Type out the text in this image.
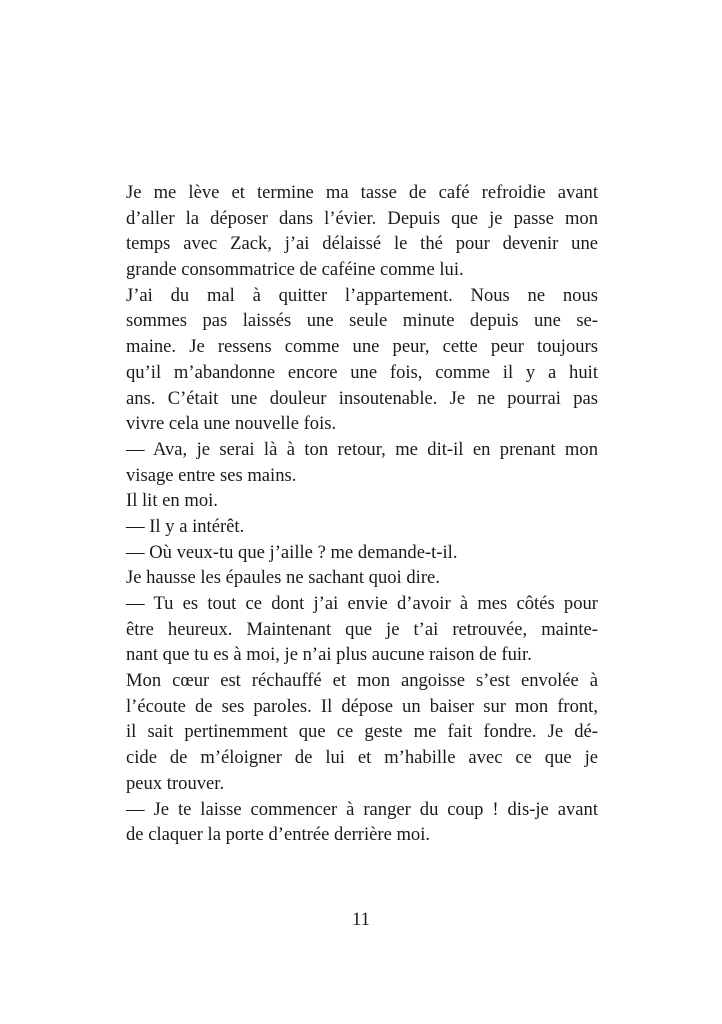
Je me lève et termine ma tasse de café refroidie avant
d’aller la déposer dans l’évier. Depuis que je passe mon
temps avec Zack, j’ai délaissé le thé pour devenir une
grande consommatrice de caféine comme lui.
J’ai du mal à quitter l’appartement. Nous ne nous
sommes pas laissés une seule minute depuis une se-
maine. Je ressens comme une peur, cette peur toujours
qu’il m’abandonne encore une fois, comme il y a huit
ans. C’était une douleur insoutenable. Je ne pourrai pas
vivre cela une nouvelle fois.
— Ava, je serai là à ton retour, me dit-il en prenant mon
visage entre ses mains.
Il lit en moi.
— Il y a intérêt.
— Où veux-tu que j’aille ? me demande-t-il.
Je hausse les épaules ne sachant quoi dire.
— Tu es tout ce dont j’ai envie d’avoir à mes côtés pour
être heureux. Maintenant que je t’ai retrouvée, mainte-
nant que tu es à moi, je n’ai plus aucune raison de fuir.
Mon cœur est réchauffé et mon angoisse s’est envolée à
l’écoute de ses paroles. Il dépose un baiser sur mon front,
il sait pertinemment que ce geste me fait fondre. Je dé-
cide de m’éloigner de lui et m’habille avec ce que je
peux trouver.
— Je te laisse commencer à ranger du coup ! dis-je avant
de claquer la porte d’entrée derrière moi.
11
